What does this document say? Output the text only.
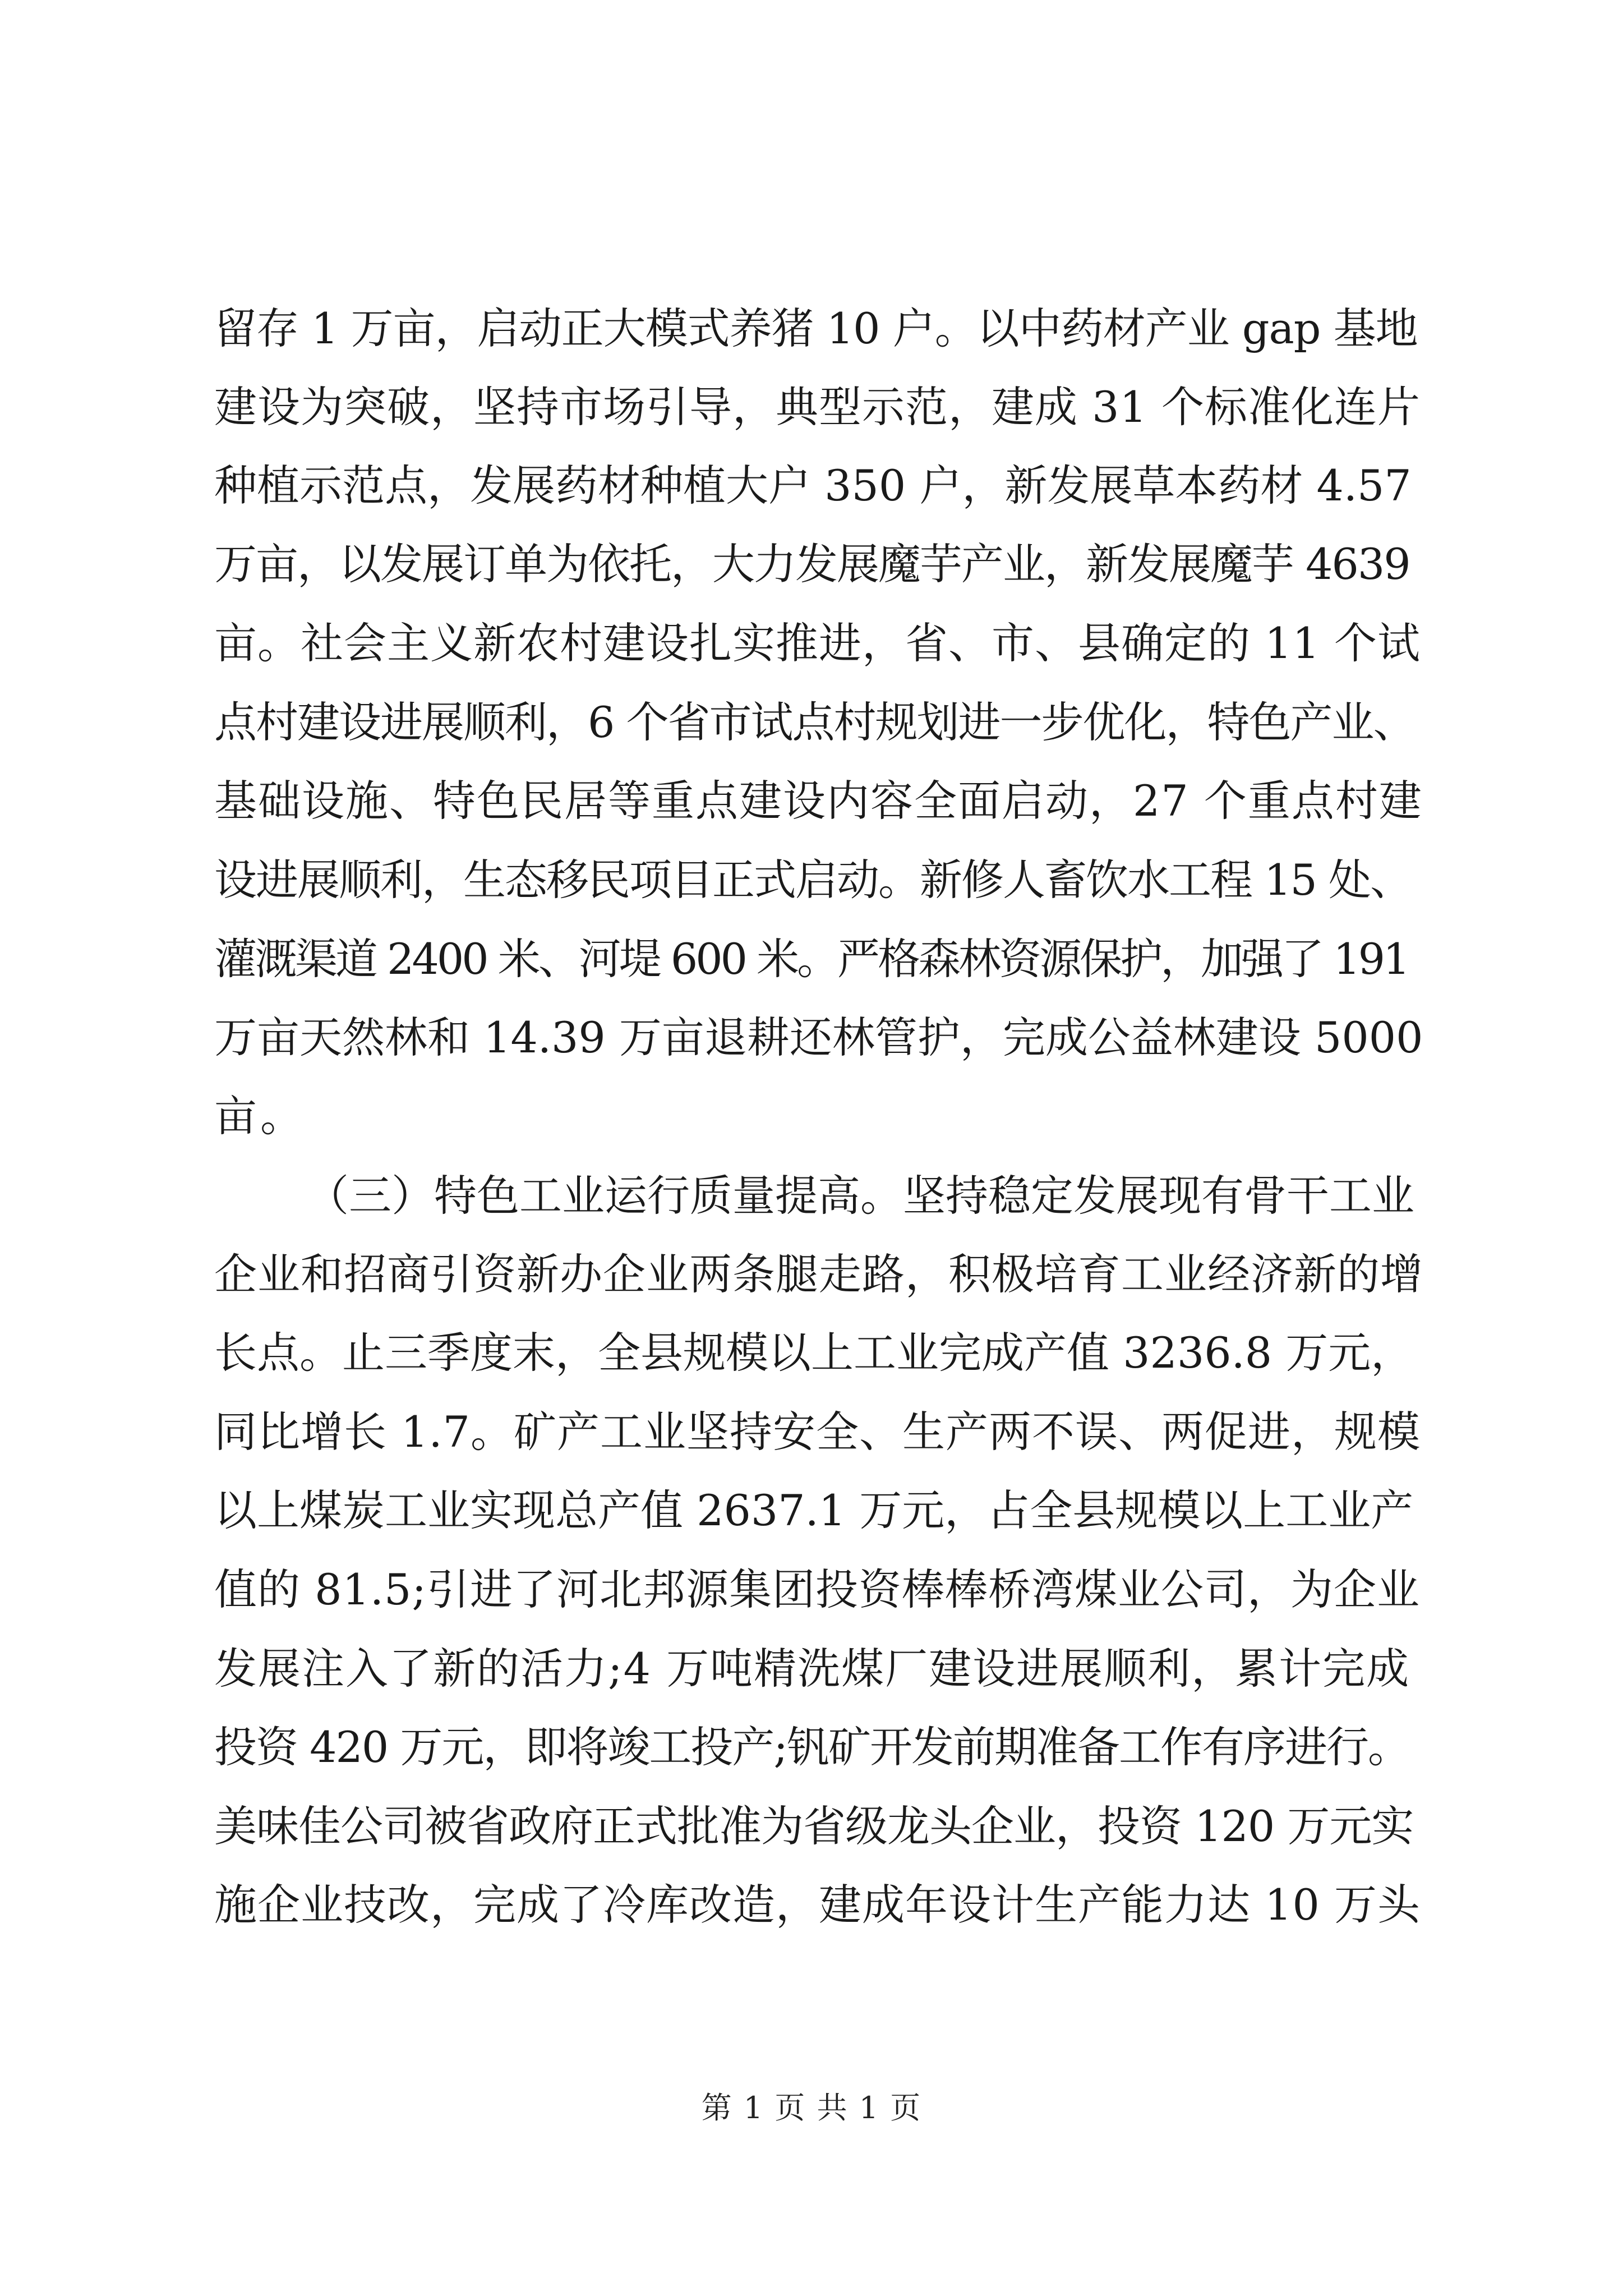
留存 1 万亩，启动正大模式养猪 10 户。以中药材产业 gap 基地
建设为突破，坚持市场引导，典型示范，建成 31 个标准化连片
种植示范点，发展药材种植大户 350 户，新发展草本药材 4.57
万亩，以发展订单为依托，大力发展魔芋产业，新发展魔芋 4639
亩。社会主义新农村建设扎实推进，省、市、县确定的 11 个试
点村建设进展顺利，6 个省市试点村规划进一步优化，特色产业、
基础设施、特色民居等重点建设内容全面启动，27 个重点村建
设进展顺利，生态移民项目正式启动。新修人畜饮水工程 15 处、
灌溉渠道 2400 米、河堤 600 米。严格森林资源保护，加强了 191
万亩天然林和 14.39 万亩退耕还林管护，完成公益林建设 5000
亩。
（三）特色工业运行质量提高。坚持稳定发展现有骨干工业
企业和招商引资新办企业两条腿走路，积极培育工业经济新的增
长点。止三季度末，全县规模以上工业完成产值 3236.8 万元，
同比增长 1.7。矿产工业坚持安全、生产两不误、两促进，规模
以上煤炭工业实现总产值 2637.1 万元，占全县规模以上工业产
值的 81.5;引进了河北邦源集团投资棒棒桥湾煤业公司，为企业
发展注入了新的活力;4 万吨精洗煤厂建设进展顺利，累计完成
投资 420 万元，即将竣工投产;钒矿开发前期准备工作有序进行。
美味佳公司被省政府正式批准为省级龙头企业，投资 120 万元实
施企业技改，完成了冷库改造，建成年设计生产能力达 10 万头
第 1 页 共 1 页
